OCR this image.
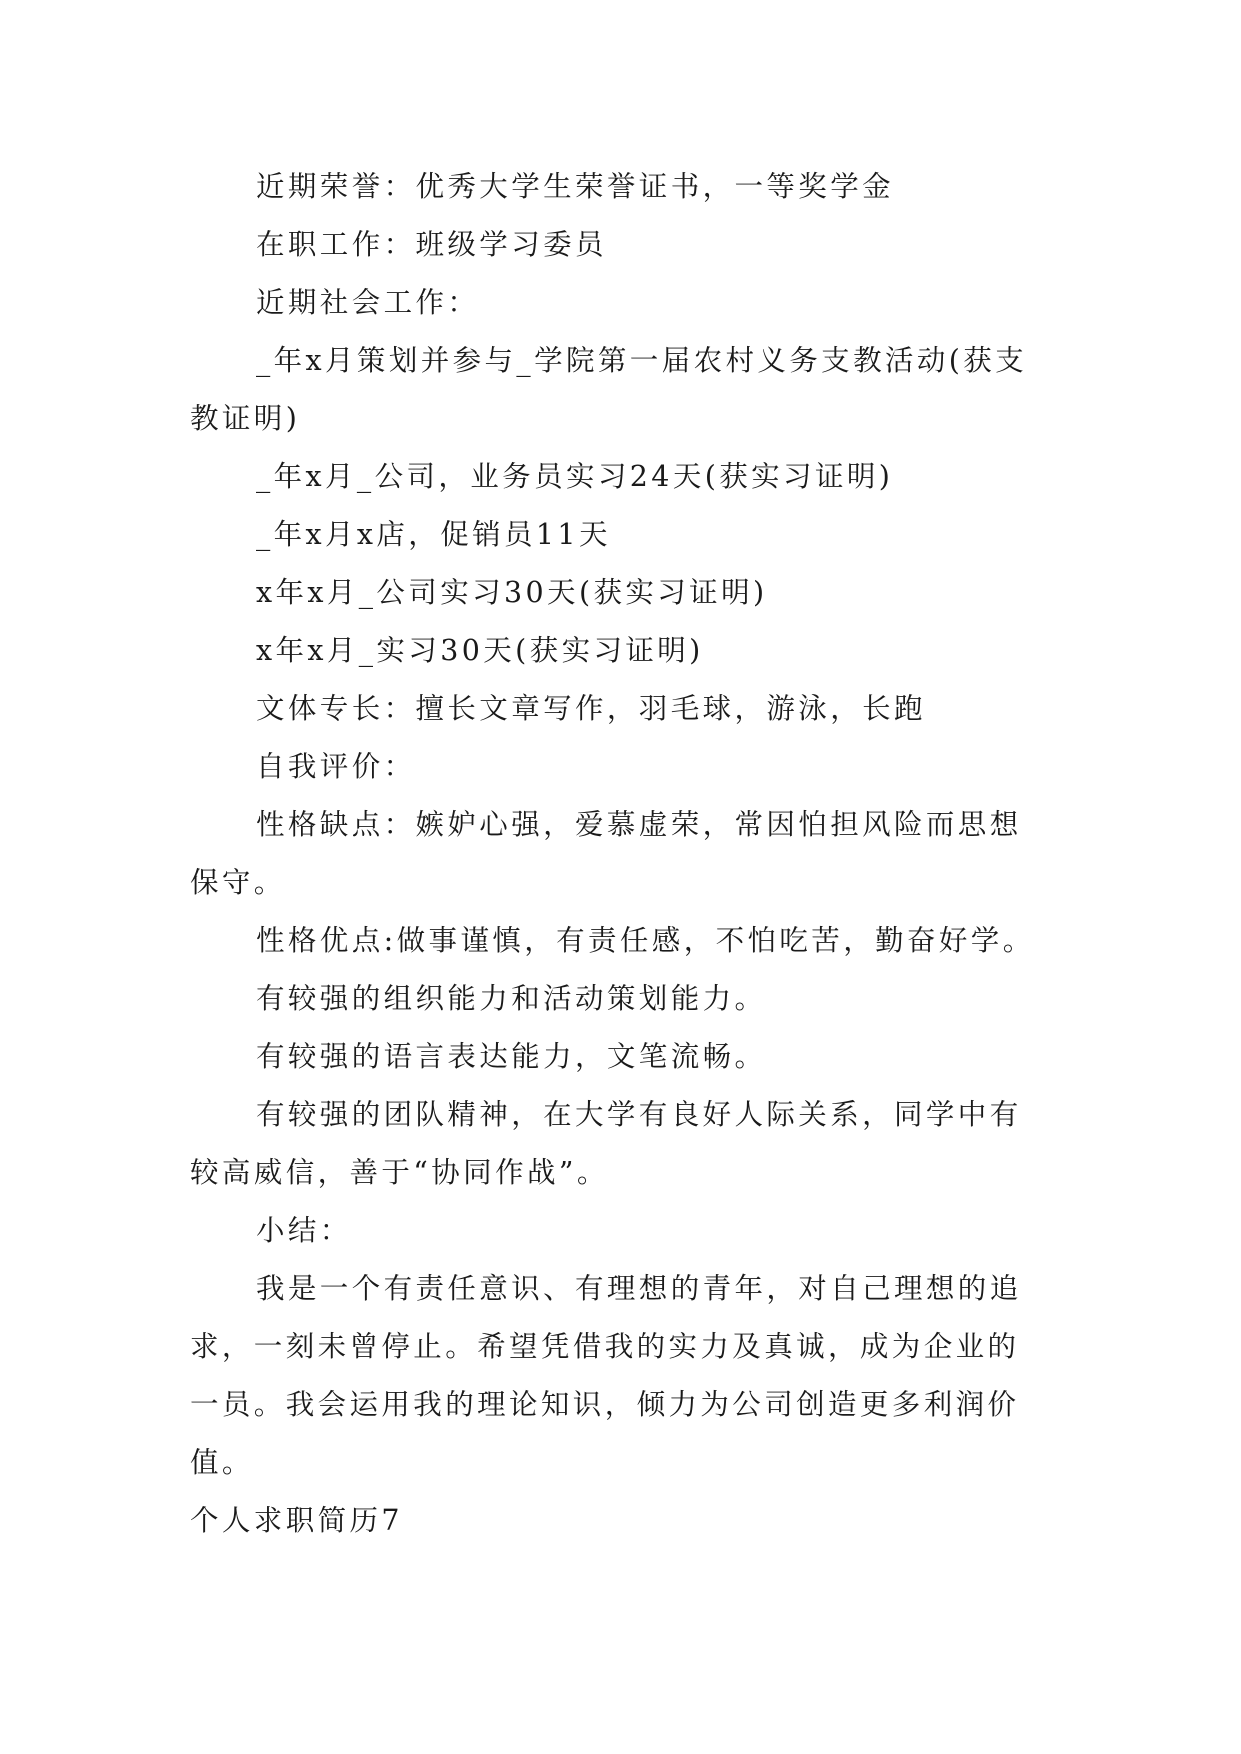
近期荣誉：优秀大学生荣誉证书，一等奖学金

在职工作：班级学习委员

近期社会工作：

_年x月策划并参与_学院第一届农村义务支教活动(获支教证明)

_年x月_公司，业务员实习24天(获实习证明)

_年x月x店，促销员11天

x年x月_公司实习30天(获实习证明)

x年x月_实习30天(获实习证明)

文体专长：擅长文章写作，羽毛球，游泳，长跑

自我评价：

性格缺点：嫉妒心强，爱慕虚荣，常因怕担风险而思想保守。

性格优点:做事谨慎，有责任感，不怕吃苦，勤奋好学。

有较强的组织能力和活动策划能力。

有较强的语言表达能力，文笔流畅。

有较强的团队精神，在大学有良好人际关系，同学中有较高威信，善于“协同作战”。

小结：

我是一个有责任意识、有理想的青年，对自己理想的追求，一刻未曾停止。希望凭借我的实力及真诚，成为企业的一员。我会运用我的理论知识，倾力为公司创造更多利润价值。

个人求职简历7
